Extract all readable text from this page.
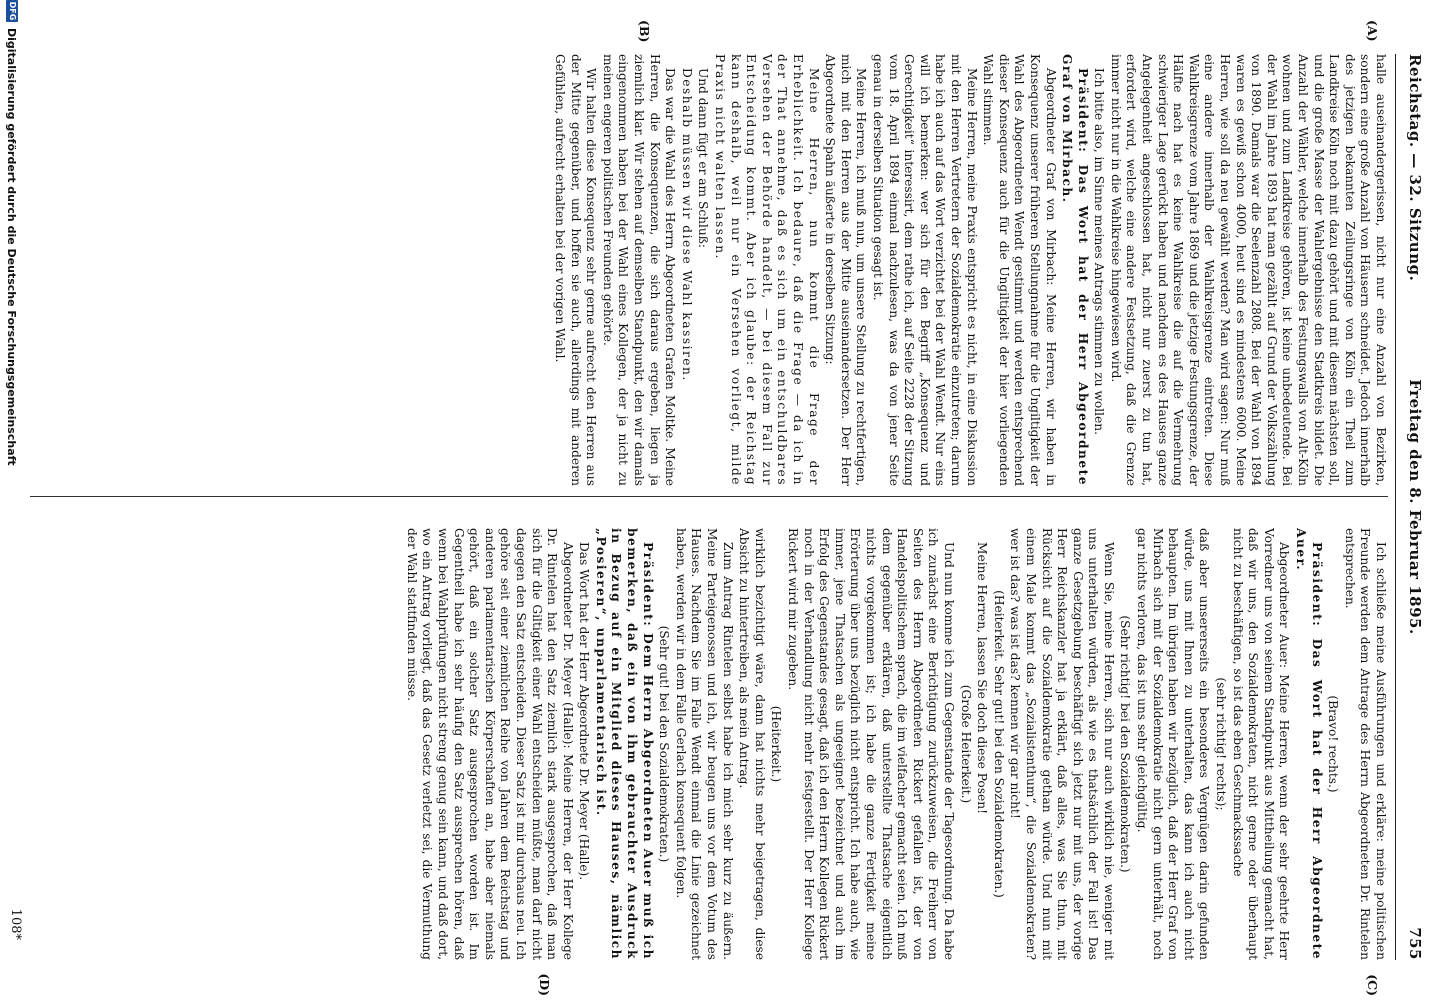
Reichstag. — 32. Sitzung.
Freitag den 8. Februar 1895.
755
(A)
(B)
(C)
(D)

halle auseinandergerissen, nicht nur eine Anzahl von Bezirken, sondern eine große Anzahl von Häusern schneidet. Jedoch innerhalb des jetzigen bekannten Zeilungsringe von Köln ein Theil zum Landkreise Köln noch mit dazu gehört und mit diesem nächsten soll, und die große Masse der Wahlergebnisse den Stadtkreis bildet. Die Anzahl der Wähler, welche innerhalb des Festungswalls von Alt-Köln wohnen und zum Landkreise gehören, ist keine unbedeutende. Bei der Wahl im Jahre 1893 hat man gezählt auf Grund der Volkszählung von 1890. Damals war die Seelenzahl 2808. Bei der Wahl von 1894 waren es gewiß schon 4000, heut sind es mindestens 6000. Meine Herren, wie soll da neu gewählt werden? Man wird sagen: Nur muß eine andere innerhalb der Wahlkreisgrenze eintreten. Diese Wahlkreisgrenze vom Jahre 1869 und die jetzige Festungsgrenze, der Hälfte nach hat es keine Wahlkreise die auf die Vermehrung schwieriger Lage gerückt haben und nachdem es des Hauses ganze Angelegenheit angeschlossen hat, nicht nur zuerst zu tun hat, erfordert wird, welche eine andere Festsetzung, daß die Grenze immer nicht nur in die Wahlkreise hingewiesen wird.

Ich bitte also, im Sinne meines Antrags stimmen zu wollen.

Präsident: Das Wort hat der Herr Abgeordnete Graf von Mirbach.

Abgeordneter Graf von Mirbach: Meine Herren, wir haben in Konsequenz unserer früheren Stellungnahme für die Ungiltigkeit der Wahl des Abgeordneten Wendt gestimmt und werden entsprechend dieser Konsequenz auch für die Ungiltigkeit der hier vorliegenden Wahl stimmen.

Meine Herren, meine Praxis entspricht es nicht, in eine Diskussion mit den Herren Vertretern der Sozialdemokratie einzutreten; darum habe ich auch auf das Wort verzichtet bei der Wahl Wendt. Nur eins will ich bemerken: wer sich für den Begriff „Konsequenz und Gerechtigkeit“ interessirt, dem rathe ich, auf Seite 2228 der Sitzung vom 18. April 1894 einmal nachzulesen, was da von jener Seite genau in derselben Situation gesagt ist.

Meine Herren, ich muß nun, um unsere Stellung zu rechtfertigen, mich mit den Herren aus der Mitte auseinandersetzen. Der Herr Abgeordnete Spahn äußerte in derselben Sitzung:

Meine Herren, nun kommt die Frage der Erheblichkeit. Ich bedaure, daß die Frage — da ich in der That annehme, daß es sich um ein entschuldbares Versehen der Behörde handelt, — bei diesem Fall zur Entscheidung kommt. Aber ich glaube: der Reichstag kann deshalb, weil nur ein Versehen vorliegt, milde Praxis nicht walten lassen.

Und dann fügt er am Schluß:

Deshalb müssen wir diese Wahl kassiren.

Das war die Wahl des Herrn Abgeordneten Grafen Moltke. Meine Herren, die Konsequenzen, die sich daraus ergeben, liegen ja ziemlich klar. Wir stehen auf demselben Standpunkt, den wir damals eingenommen haben bei der Wahl eines Kollegen, der ja nicht zu meinen engeren politischen Freunden gehörte.

Wir halten diese Konsequenz sehr gerne aufrecht den Herren aus der Mitte gegenüber, und hoffen sie auch, allerdings mit anderen Gefühlen, aufrecht erhalten bei der vorigen Wahl.

Ich schließe meine Ausführungen und erkläre: meine politischen Freunde werden dem Antrage des Herrn Abgeordneten Dr. Rintelen entsprechen.

(Bravo! rechts.)

Präsident: Das Wort hat der Herr Abgeordnete Auer.

Abgeordneter Auer: Meine Herren, wenn der sehr geehrte Herr Vorredner uns von seinem Standpunkt aus Mittheilung gemacht hat, daß wir uns, den Sozialdemokraten, nicht gerne oder überhaupt nicht zu beschäftigen, so ist das eben Geschmackssache

(sehr richtig! rechts);

daß aber unsererseits ein besonderes Vergnügen darin gefunden würde, uns mit Ihnen zu unterhalten, das kann ich auch nicht behaupten. Im übrigen haben wir bezüglich, daß der Herr Graf von Mirbach sich mit der Sozialdemokratie nicht gern unterhält, noch gar nichts verloren, das ist uns sehr gleichgültig.

(Sehr richtig! bei den Sozialdemokraten.)

Wenn Sie, meine Herren, sich nur auch wirklich nie, weniger mit uns unterhalten würden, als wie es thatsächlich der Fall ist! Das ganze Gesetzgebung beschäftigt sich jetzt nur mit uns, der vorige Herr Reichskanzler hat ja erklärt, daß alles, was Sie thun, mit Rücksicht auf die Sozialdemokratie gethan würde. Und nun mit einem Male kommt das „Sozialistenthum“, die Sozialdemokraten? wer ist das? was ist das? kennen wir gar nicht!

(Heiterkeit. Sehr gut! bei den Sozialdemokraten.)

Meine Herren, lassen Sie doch diese Posen!

(Große Heiterkeit.)

Und nun komme ich zum Gegenstande der Tagesordnung. Da habe ich zunächst eine Berichtigung zurückzuweisen, die Freiherr von Seiten des Herrn Abgeordneten Rickert gefallen ist, der von Handelspolitischem sprach, die im vielfacher gemacht seien. Ich muß dem gegenüber erklären, daß unterstellte Thatsache eigentlich nichts vorgekommen ist; ich habe die ganze Fertigkeit meine Erörterung über uns bezüglich nicht entspricht. Ich habe auch, wie immer, jene Thatsachen als ungeeignet bezeichnet und auch im Erfolg des Gegenstandes gesagt, daß ich den Herrn Kollegen Rickert noch in der Verhandlung nicht mehr festgestellt. Der Herr Kollege Rickert wird mir zugeben.

(Heiterkeit.)

wirklich bezichtigt wäre, dann hat nichts mehr beigetragen, diese Absicht zu hintertreiben, als mein Antrag.

Zum Antrag Rintelen selbst habe ich mich sehr kurz zu äußern. Meine Parteigenossen und ich, wir beugen uns vor dem Votum des Hauses. Nachdem Sie im Falle Wendt einmal die Linie gezeichnet haben, werden wir in dem Falle Gerlach konsequent folgen.

(Sehr gut! bei den Sozialdemokraten.)

Präsident: Dem Herrn Abgeordneten Auer muß ich bemerken, daß ein von ihm gebrauchter Ausdruck in Bezug auf ein Mitglied dieses Hauses, nämlich „Posieren“, unparlamentarisch ist.

Das Wort hat der Herr Abgeordnete Dr. Meyer (Halle).

Abgeordneter Dr. Meyer (Halle): Meine Herren, der Herr Kollege Dr. Rintelen hat den Satz ziemlich stark ausgesprochen, daß man sich für die Giltigkeit einer Wahl entscheiden müßte, man darf nicht dagegen den Satz entscheiden. Dieser Satz ist mir durchaus neu. Ich gehöre seit einer ziemlichen Reihe von Jahren dem Reichstag und anderen parlamentarischen Körperschaften an, habe aber niemals gehört, daß ein solcher Satz ausgesprochen worden ist. Im Gegentheil habe ich sehr häufig den Satz aussprechen hören, daß wenn bei Wahlprüfungen nicht streng genug sein kann, und daß dort, wo ein Antrag vorliegt, daß das Gesetz verletzt sei, die Vermuthung der Wahl stattfinden müsse.

108*
DFG
Digitalisierung gefördert durch die Deutsche Forschungsgemeinschaft
